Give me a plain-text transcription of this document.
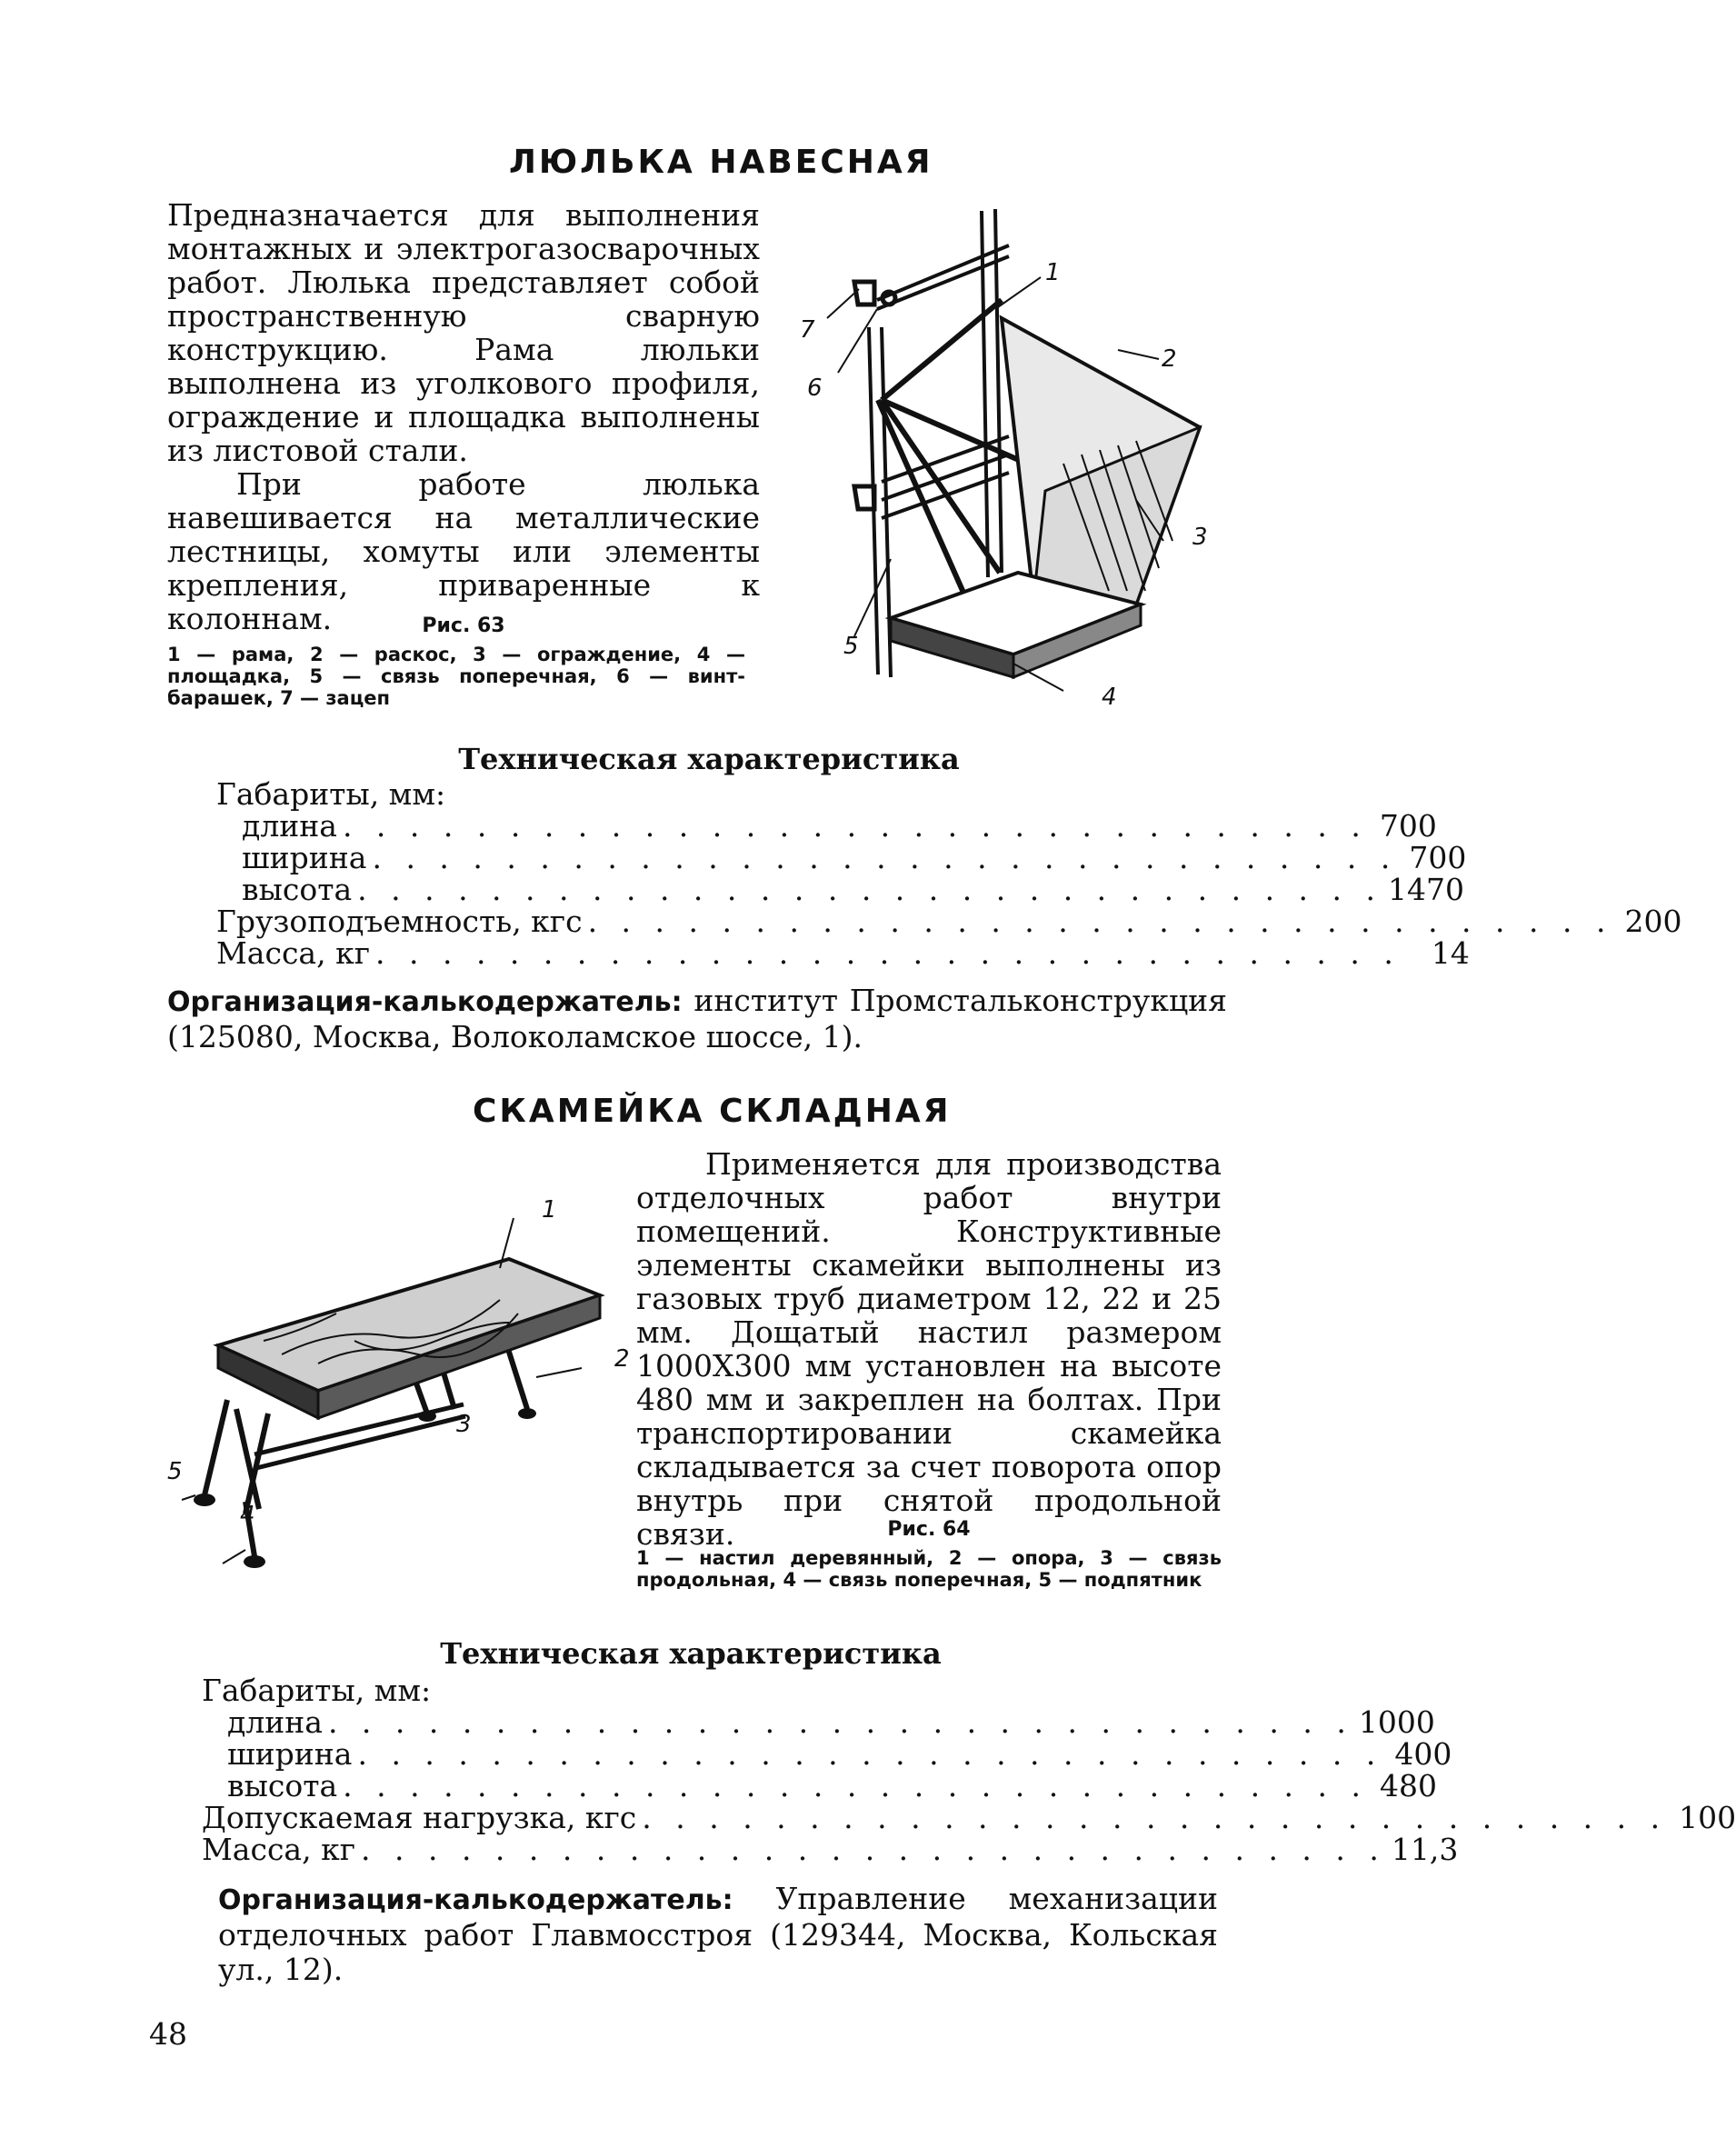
ЛЮЛЬКА НАВЕСНАЯ

Предназначается для выполнения монтажных и электрогазосварочных работ. Люлька представляет собой пространственную сварную конструкцию. Рама люльки выполнена из уголкового профиля, ограждение и площадка выполнены из листовой стали.

При работе люлька навешивается на металлические лестницы, хомуты или элементы крепления, приваренные к колоннам.	Рис. 63
1 — рама, 2 — раскос, 3 — ограждение, 4 — площадка, 5 — связь поперечная, 6 — винт-барашек, 7 — зацеп
1
2
3
4
5
6
7
Техническая характеристика
Габариты, мм:
длина . . . . . . . . . . . . . . . . . . . . . . . . . . . . . . . 700
ширина . . . . . . . . . . . . . . . . . . . . . . . . . . . . . . . 700
высота . . . . . . . . . . . . . . . . . . . . . . . . . . . . . . . 1470
Грузоподъемность, кгс . . . . . . . . . . . . . . . . . . . . . . . . . . . . . . . 200
Масса, кг . . . . . . . . . . . . . . . . . . . . . . . . . . . . . . .	14
Организация-калькодержатель: институт Промстальконструкция (125080, Москва, Волоколамское шоссе, 1).
СКАМЕЙКА СКЛАДНАЯ

Применяется для производства отделочных работ внутри помещений. Конструктивные элементы скамейки выполнены из газовых труб диаметром 12, 22 и 25 мм. Дощатый настил размером 1000Х300 мм установлен на высоте 480 мм и закреплен на болтах. При транспортировании скамейка складывается за счет поворота опор внутрь при снятой продольной связи.

1
2
3
4
5
Рис. 64
1 — настил деревянный, 2 — опора, 3 — связь продольная, 4 — связь поперечная, 5 — подпятник
Техническая характеристика
Габариты, мм:
длина . . . . . . . . . . . . . . . . . . . . . . . . . . . . . . . 1000
ширина . . . . . . . . . . . . . . . . . . . . . . . . . . . . . . . 400
высота . . . . . . . . . . . . . . . . . . . . . . . . . . . . . . . 480
Допускаемая нагрузка, кгс . . . . . . . . . . . . . . . . . . . . . . . . . . . . . . . 100
Масса, кг . . . . . . . . . . . . . . . . . . . . . . . . . . . . . . . 11,3
Организация-калькодержатель: Управление механизации отделочных работ Главмосстроя (129344, Москва, Кольская ул., 12).
48
